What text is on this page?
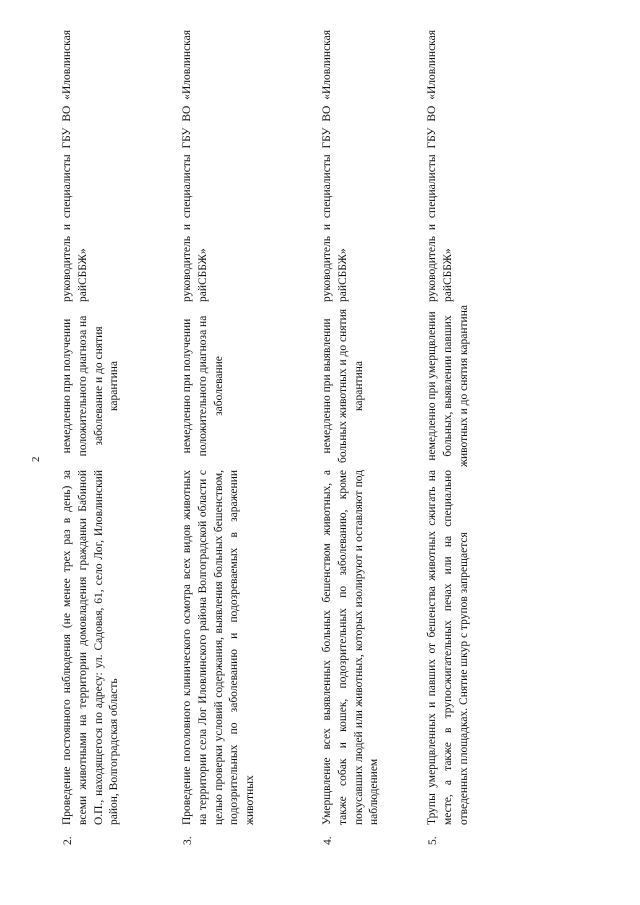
2
2.
Проведение постоянного наблюдения (не менее трех раз в день) за всеми животными на территории домовладения гражданки Бабиной О.П., находящегося по адресу: ул. Садовая, 61, село Лог, Иловлинский район, Волгоградская область
немедленно при получении положительного диагноза на заболевание и до снятия карантина
руководитель и специалисты ГБУ ВО «Иловлинская райСББЖ»
3.
Проведение поголовного клинического осмотра всех видов животных на территории села Лог Иловлинского района Волгоградской области с целью проверки условий содержания, выявления больных бешенством, подозрительных по заболеванию и подозреваемых в заражении животных
немедленно при получении положительного диагноза на заболевание
руководитель и специалисты ГБУ ВО «Иловлинская райСББЖ»
4.
Умерщвление всех выявленных больных бешенством животных, а также собак и кошек, подозрительных по заболеванию, кроме покусавших людей или животных, которых изолируют и оставляют под наблюдением
немедленно при выявлении больных животных и до снятия карантина
руководитель и специалисты ГБУ ВО «Иловлинская райСББЖ»
5.
Трупы умерщвленных и павших от бешенства животных сжигать на месте, а также в трупосжигательных печах или на специально отведенных площадках. Снятие шкур с трупов запрещается
немедленно при умерщвлении больных, выявлении павших животных и до снятия карантина
руководитель и специалисты ГБУ ВО «Иловлинская райСББЖ»
